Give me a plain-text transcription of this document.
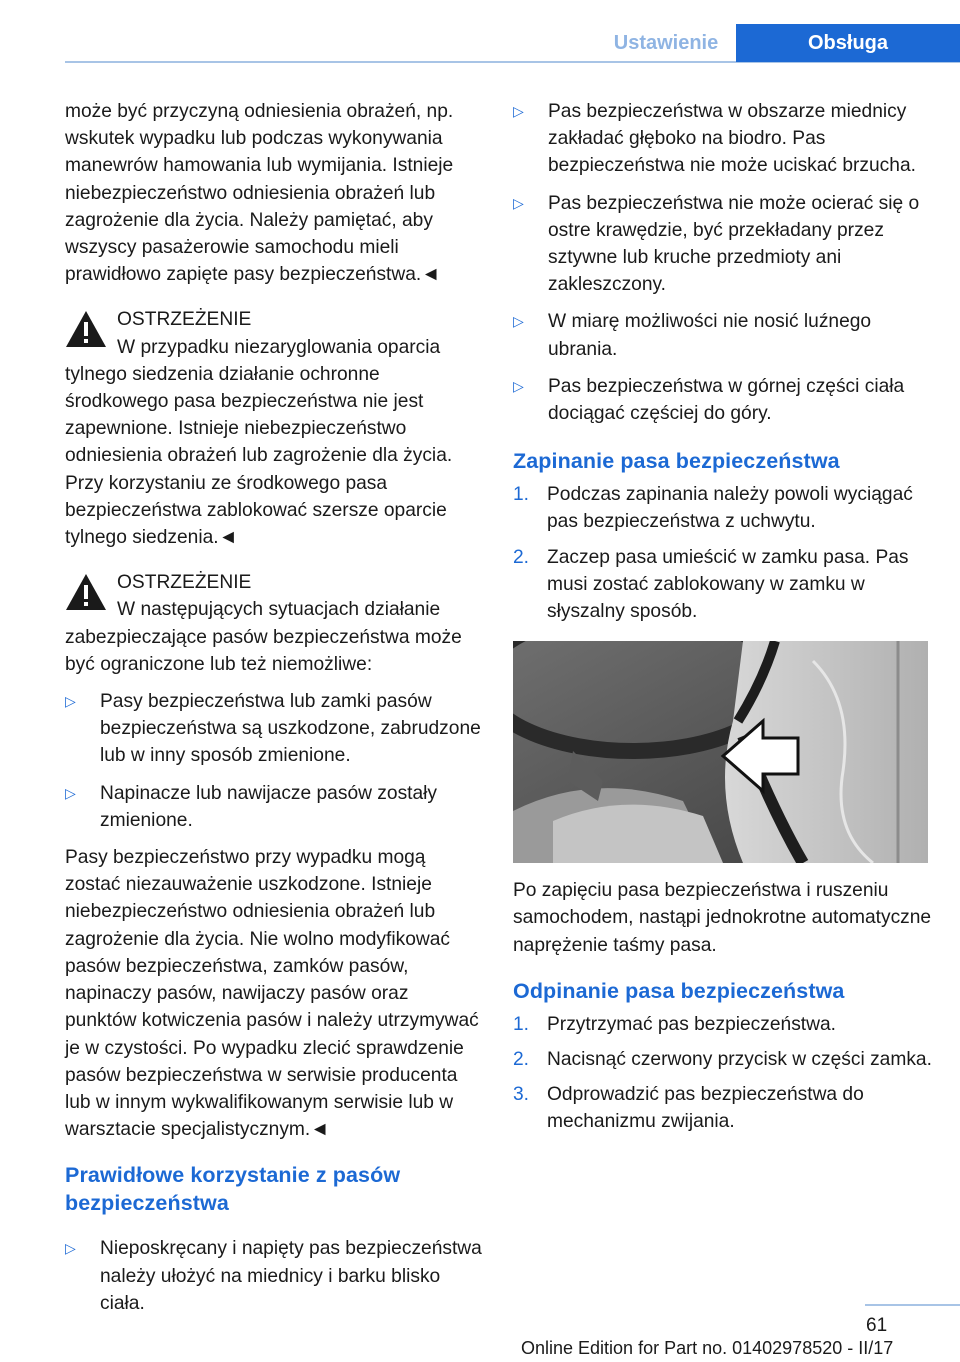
Ustawienie	Obsługa

może być przyczyną odniesienia obrażeń, np. wskutek wypadku lub podczas wykonywania manewrów hamowania lub wymijania. Istnieje niebezpieczeństwo odniesienia obrażeń lub zagrożenie dla życia. Należy pamiętać, aby wszyscy pasażerowie samochodu mieli prawidłowo zapięte pasy bezpieczeństwa.◄

OSTRZEŻENIE
W przypadku niezaryglowania oparcia

tylnego siedzenia działanie ochronne środkowego pasa bezpieczeństwa nie jest zapewnione. Istnieje niebezpieczeństwo odniesienia obrażeń lub zagrożenie dla życia. Przy korzystaniu ze środkowego pasa bezpieczeństwa zablokować szersze oparcie tylnego siedzenia.◄

OSTRZEŻENIE
W następujących sytuacjach działanie

zabezpieczające pasów bezpieczeństwa może być ograniczone lub też niemożliwe:

▷	Pasy bezpieczeństwa lub zamki pasów bezpieczeństwa są uszkodzone, zabrudzone lub w inny sposób zmienione.
▷	Napinacze lub nawijacze pasów zostały zmienione.

Pasy bezpieczeństwo przy wypadku mogą zostać niezauważenie uszkodzone. Istnieje niebezpieczeństwo odniesienia obrażeń lub zagrożenie dla życia. Nie wolno modyfikować pasów bezpieczeństwa, zamków pasów, napinaczy pasów, nawijaczy pasów oraz punktów kotwiczenia pasów i należy utrzymywać je w czystości. Po wypadku zlecić sprawdzenie pasów bezpieczeństwa w serwisie producenta lub w innym wykwalifikowanym serwisie lub w warsztacie specjalistycznym.◄

Prawidłowe korzystanie z pasów bezpieczeństwa
▷	Nieposkręcany i napięty pas bezpieczeństwa należy ułożyć na miednicy i barku blisko ciała.
▷	Pas bezpieczeństwa w obszarze miednicy zakładać głęboko na biodro. Pas bezpieczeństwa nie może uciskać brzucha.
▷	Pas bezpieczeństwa nie może ocierać się o ostre krawędzie, być przekładany przez sztywne lub kruche przedmioty ani zakleszczony.
▷	W miarę możliwości nie nosić luźnego ubrania.
▷	Pas bezpieczeństwa w górnej części ciała dociągać częściej do góry.
Zapinanie pasa bezpieczeństwa
1. Podczas zapinania należy powoli wyciągać pas bezpieczeństwa z uchwytu.
2. Zaczep pasa umieścić w zamku pasa. Pas musi zostać zablokowany w zamku w słyszalny sposób.

Po zapięciu pasa bezpieczeństwa i ruszeniu samochodem, nastąpi jednokrotne automatyczne naprężenie taśmy pasa.

Odpinanie pasa bezpieczeństwa
1. Przytrzymać pas bezpieczeństwa.
2. Nacisnąć czerwony przycisk w części zamka.
3. Odprowadzić pas bezpieczeństwa do mechanizmu zwijania.
61
Online Edition for Part no. 01402978520 - II/17
